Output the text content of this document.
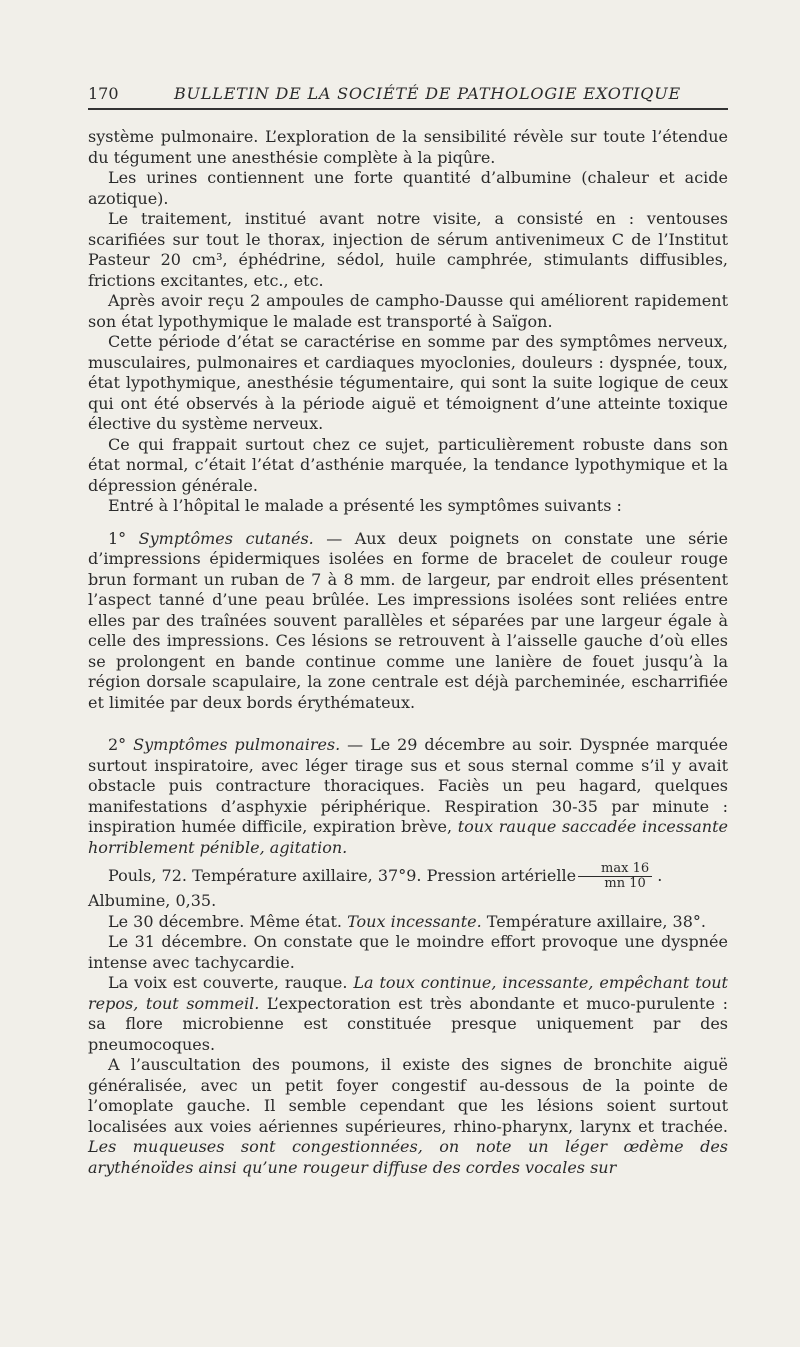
170	BULLETIN DE LA SOCIÉTÉ DE PATHOLOGIE EXOTIQUE

système pulmonaire. L’exploration de la sensibilité révèle sur toute l’étendue du tégument une anesthésie complète à la piqûre.

Les urines contiennent une forte quantité d’albumine (chaleur et acide azotique).

Le traitement, institué avant notre visite, a consisté en : ventouses scarifiées sur tout le thorax, injection de sérum antivenimeux C de l’Institut Pasteur 20 cm³, éphédrine, sédol, huile camphrée, stimulants diffusibles, frictions excitantes, etc., etc.

Après avoir reçu 2 ampoules de campho-Dausse qui améliorent rapidement son état lypothymique le malade est transporté à Saïgon.

Cette période d’état se caractérise en somme par des symptômes nerveux, musculaires, pulmonaires et cardiaques myoclonies, douleurs : dyspnée, toux, état lypothymique, anesthésie tégumentaire, qui sont la suite logique de ceux qui ont été observés à la période aiguë et témoignent d’une atteinte toxique élective du système nerveux.

Ce qui frappait surtout chez ce sujet, particulièrement robuste dans son état normal, c’était l’état d’asthénie marquée, la tendance lypothymique et la dépression générale.

Entré à l’hôpital le malade a présenté les symptômes suivants :

1° Symptômes cutanés. — Aux deux poignets on constate une série d’impressions épidermiques isolées en forme de bracelet de couleur rouge brun formant un ruban de 7 à 8 mm. de largeur, par endroit elles présentent l’aspect tanné d’une peau brûlée. Les impressions isolées sont reliées entre elles par des traînées souvent parallèles et séparées par une largeur égale à celle des impressions. Ces lésions se retrouvent à l’aisselle gauche d’où elles se prolongent en bande continue comme une lanière de fouet jusqu’à la région dorsale scapulaire, la zone centrale est déjà parcheminée, escharrifiée et limitée par deux bords érythémateux.

2° Symptômes pulmonaires. — Le 29 décembre au soir. Dyspnée marquée surtout inspiratoire, avec léger tirage sus et sous sternal comme s’il y avait obstacle puis contracture thoraciques. Faciès un peu hagard, quelques manifestations d’asphyxie périphérique. Respiration 30-35 par minute : inspiration humée difficile, expiration brève, toux rauque saccadée incessante horriblement pénible, agitation.

Pouls, 72. Température axillaire, 37°9. Pression artérielle $\frac{\max 16}{mn 10}$ .

Albumine, 0,35.

Le 30 décembre. Même état. Toux incessante. Température axillaire, 38°.

Le 31 décembre. On constate que le moindre effort provoque une dyspnée intense avec tachycardie.

La voix est couverte, rauque. La toux continue, incessante, empêchant tout repos, tout sommeil. L’expectoration est très abondante et muco-purulente : sa flore microbienne est constituée presque uniquement par des pneumocoques.

A l’auscultation des poumons, il existe des signes de bronchite aiguë généralisée, avec un petit foyer congestif au-dessous de la pointe de l’omoplate gauche. Il semble cependant que les lésions soient surtout localisées aux voies aériennes supérieures, rhino-pharynx, larynx et trachée. Les muqueuses sont congestionnées, on note un léger œdème des arythénoïdes ainsi qu’une rougeur diffuse des cordes vocales sur
